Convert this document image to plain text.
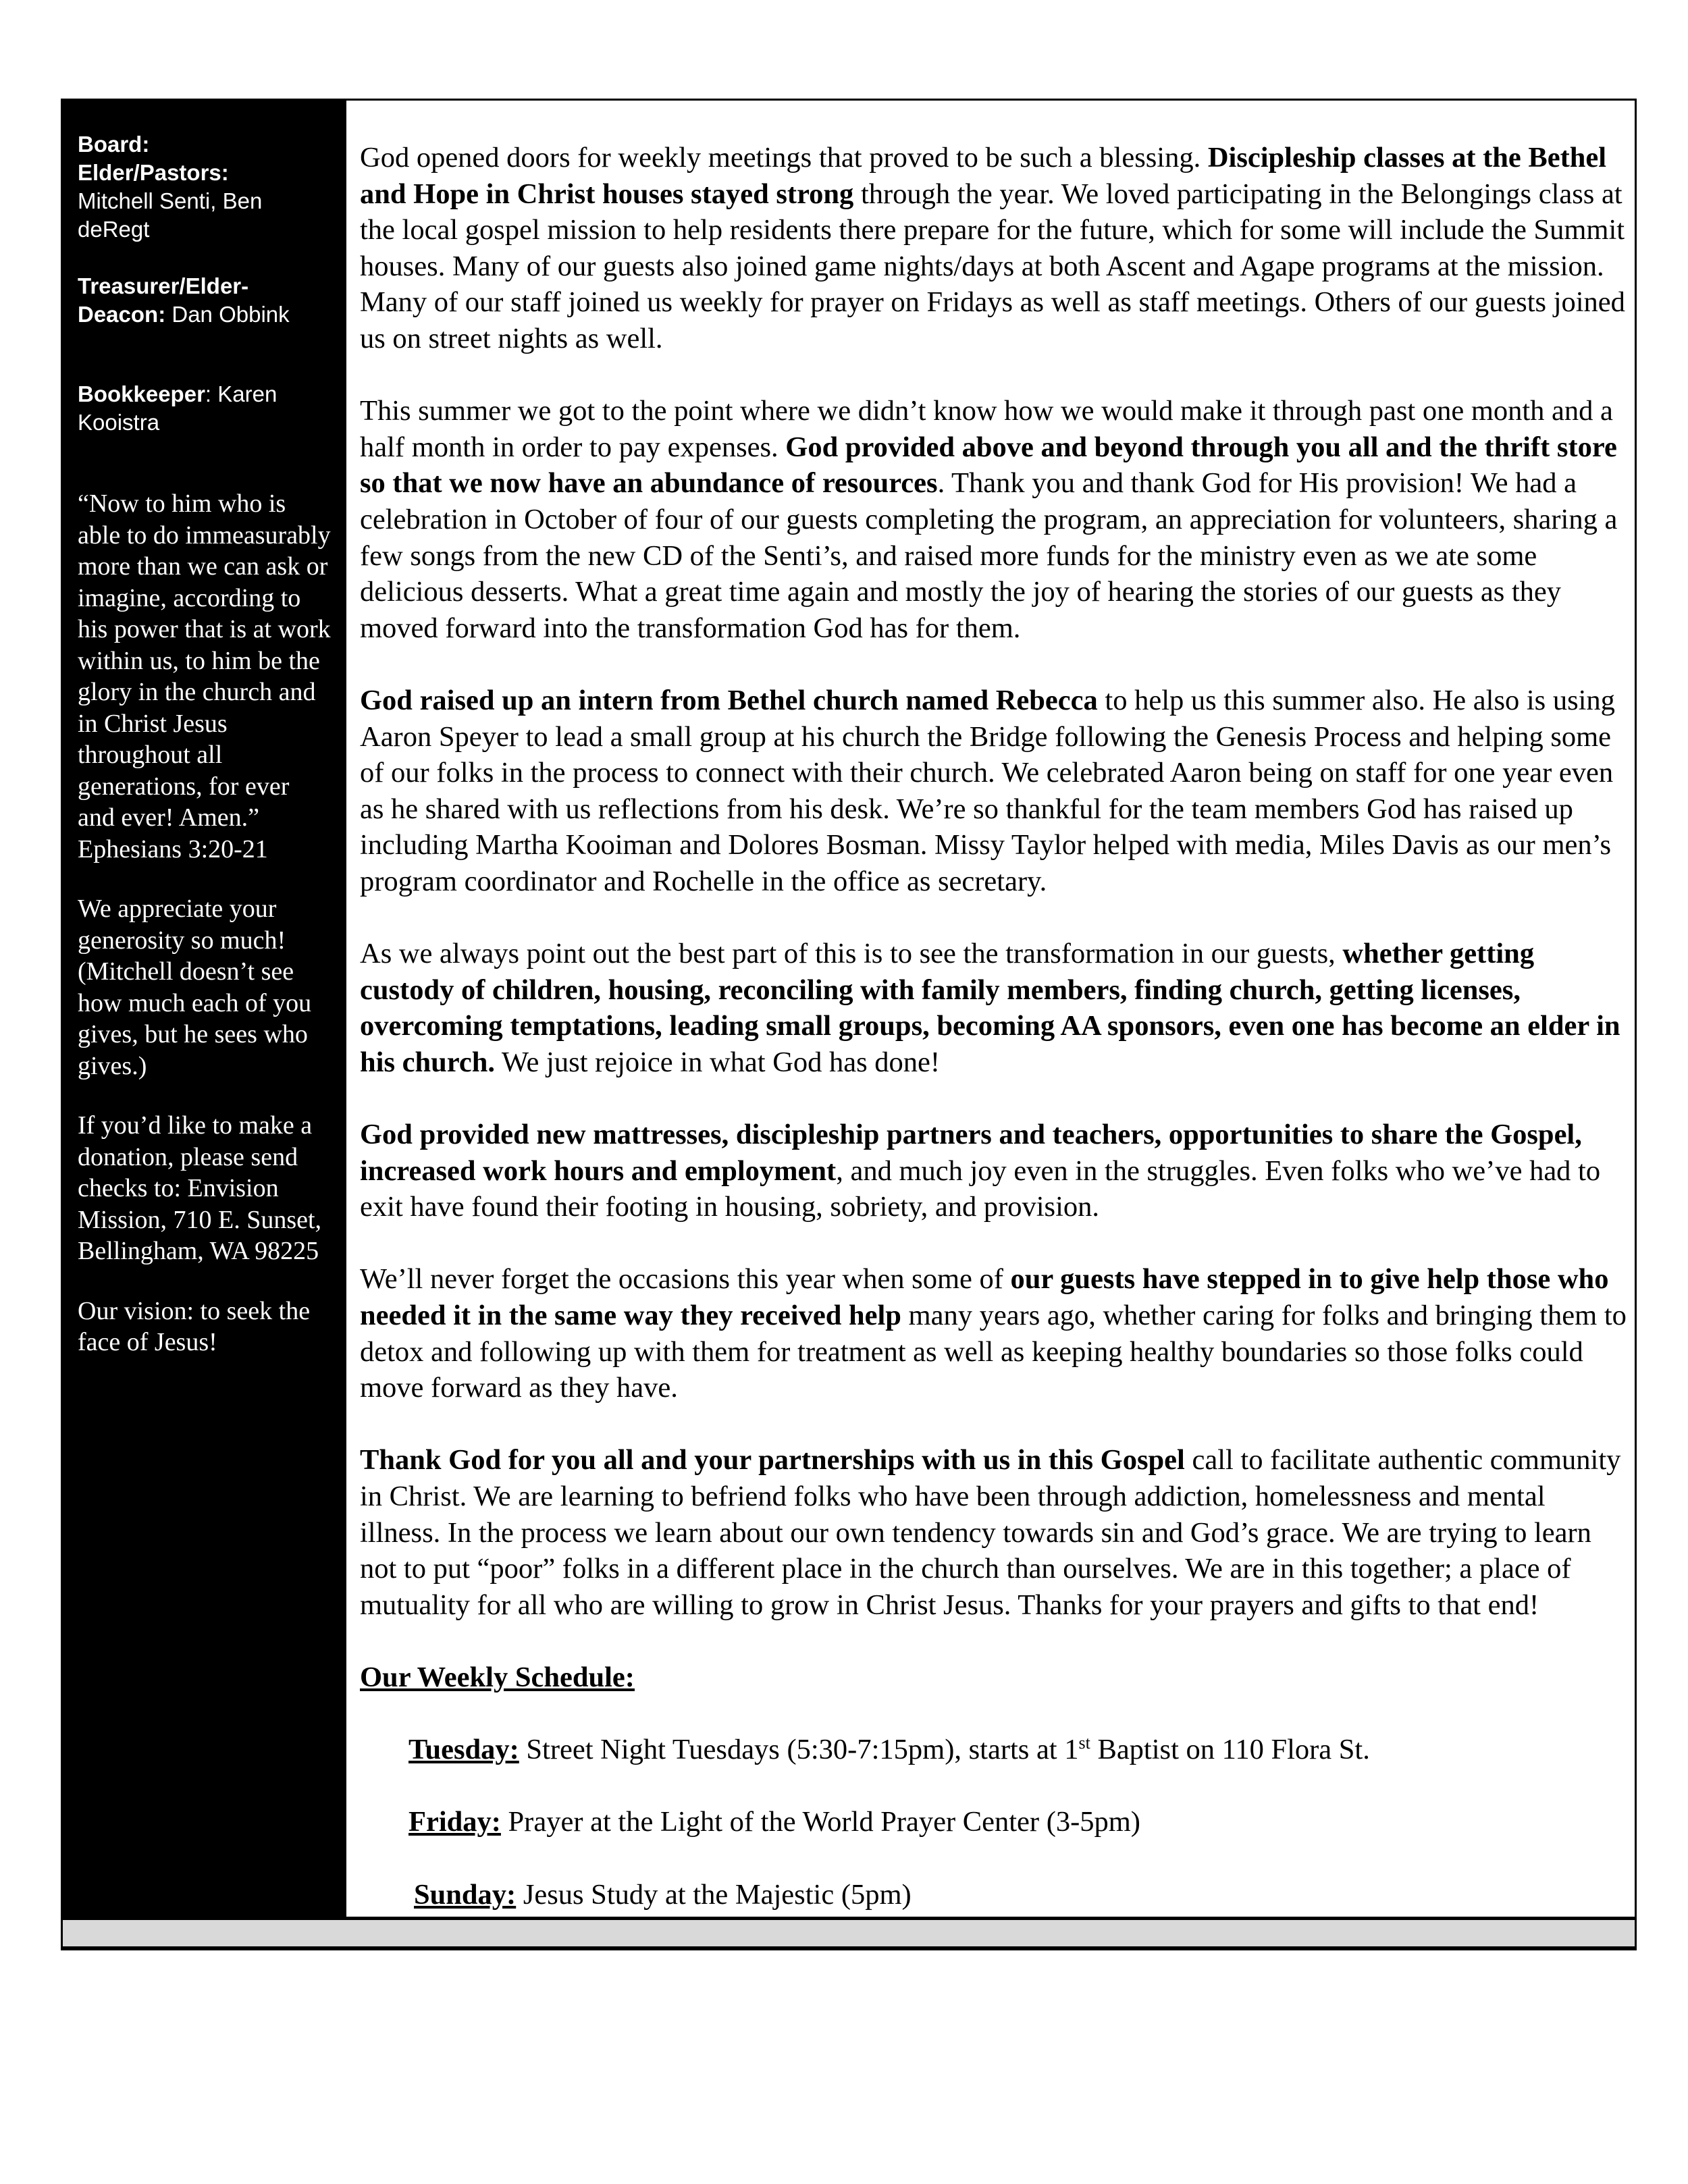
Board:

Elder/Pastors:
Mitchell Senti, Ben deRegt

Treasurer/Elder-Deacon: Dan Obbink

Bookkeeper: Karen Kooistra

“Now to him who is able to do immeasurably more than we can ask or imagine, according to his power that is at work within us, to him be the glory in the church and in Christ Jesus throughout all generations, for ever and ever! Amen.”
Ephesians 3:20-21

We appreciate your generosity so much! (Mitchell doesn’t see how much each of you gives, but he sees who gives.)

If you’d like to make a donation, please send checks to: Envision Mission, 710 E. Sunset, Bellingham, WA 98225

Our vision: to seek the face of Jesus!

God opened doors for weekly meetings that proved to be such a blessing. Discipleship classes at the Bethel and Hope in Christ houses stayed strong through the year. We loved participating in the Belongings class at the local gospel mission to help residents there prepare for the future, which for some will include the Summit houses. Many of our guests also joined game nights/days at both Ascent and Agape programs at the mission. Many of our staff joined us weekly for prayer on Fridays as well as staff meetings. Others of our guests joined us on street nights as well.

This summer we got to the point where we didn’t know how we would make it through past one month and a half month in order to pay expenses. God provided above and beyond through you all and the thrift store so that we now have an abundance of resources. Thank you and thank God for His provision! We had a celebration in October of four of our guests completing the program, an appreciation for volunteers, sharing a few songs from the new CD of the Senti’s, and raised more funds for the ministry even as we ate some delicious desserts. What a great time again and mostly the joy of hearing the stories of our guests as they moved forward into the transformation God has for them.

God raised up an intern from Bethel church named Rebecca to help us this summer also. He also is using Aaron Speyer to lead a small group at his church the Bridge following the Genesis Process and helping some of our folks in the process to connect with their church. We celebrated Aaron being on staff for one year even as he shared with us reflections from his desk. We’re so thankful for the team members God has raised up including Martha Kooiman and Dolores Bosman. Missy Taylor helped with media, Miles Davis as our men’s program coordinator and Rochelle in the office as secretary.

As we always point out the best part of this is to see the transformation in our guests, whether getting custody of children, housing, reconciling with family members, finding church, getting licenses, overcoming temptations, leading small groups, becoming AA sponsors, even one has become an elder in his church. We just rejoice in what God has done!

God provided new mattresses, discipleship partners and teachers, opportunities to share the Gospel, increased work hours and employment, and much joy even in the struggles. Even folks who we’ve had to exit have found their footing in housing, sobriety, and provision.

We’ll never forget the occasions this year when some of our guests have stepped in to give help those who needed it in the same way they received help many years ago, whether caring for folks and bringing them to detox and following up with them for treatment as well as keeping healthy boundaries so those folks could move forward as they have.

Thank God for you all and your partnerships with us in this Gospel call to facilitate authentic community in Christ. We are learning to befriend folks who have been through addiction, homelessness and mental illness. In the process we learn about our own tendency towards sin and God’s grace. We are trying to learn not to put “poor” folks in a different place in the church than ourselves. We are in this together; a place of mutuality for all who are willing to grow in Christ Jesus. Thanks for your prayers and gifts to that end!

Our Weekly Schedule:

Tuesday: Street Night Tuesdays (5:30-7:15pm), starts at 1st Baptist on 110 Flora St.

Friday: Prayer at the Light of the World Prayer Center (3-5pm)

Sunday: Jesus Study at the Majestic (5pm)
